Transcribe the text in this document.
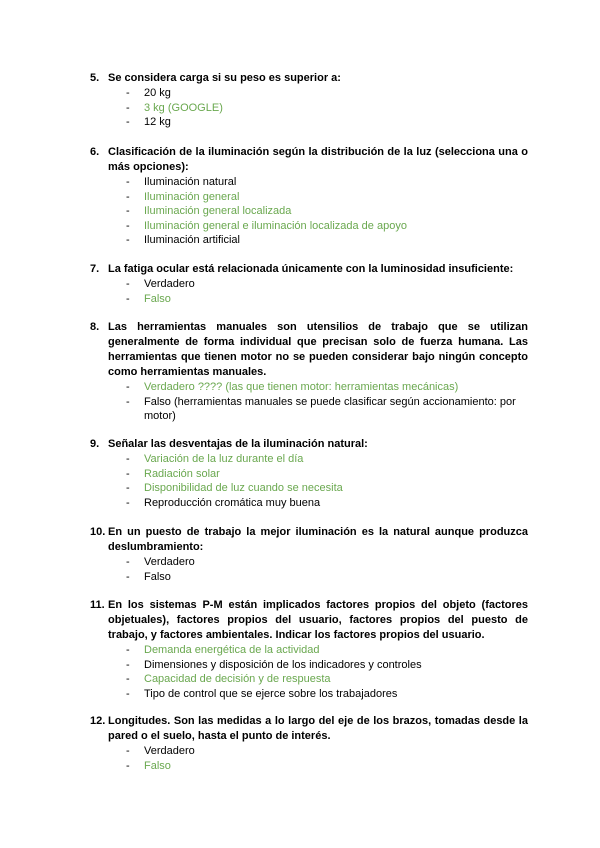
5. Se considera carga si su peso es superior a:
- 20 kg
- 3 kg (GOOGLE)
- 12 kg
6. Clasificación de la iluminación según la distribución de la luz (selecciona una o más opciones):
- Iluminación natural
- Iluminación general
- Iluminación general localizada
- Iluminación general e iluminación localizada de apoyo
- Iluminación artificial
7. La fatiga ocular está relacionada únicamente con la luminosidad insuficiente:
- Verdadero
- Falso
8. Las herramientas manuales son utensilios de trabajo que se utilizan generalmente de forma individual que precisan solo de fuerza humana. Las herramientas que tienen motor no se pueden considerar bajo ningún concepto como herramientas manuales.
- Verdadero ???? (las que tienen motor: herramientas mecánicas)
- Falso (herramientas manuales se puede clasificar según accionamiento: por motor)
9. Señalar las desventajas de la iluminación natural:
- Variación de la luz durante el día
- Radiación solar
- Disponibilidad de luz cuando se necesita
- Reproducción cromática muy buena
10. En un puesto de trabajo la mejor iluminación es la natural aunque produzca deslumbramiento:
- Verdadero
- Falso
11. En los sistemas P-M están implicados factores propios del objeto (factores objetuales), factores propios del usuario, factores propios del puesto de trabajo, y factores ambientales. Indicar los factores propios del usuario.
- Demanda energética de la actividad
- Dimensiones y disposición de los indicadores y controles
- Capacidad de decisión y de respuesta
- Tipo de control que se ejerce sobre los trabajadores
12. Longitudes. Son las medidas a lo largo del eje de los brazos, tomadas desde la pared o el suelo, hasta el punto de interés.
- Verdadero
- Falso
